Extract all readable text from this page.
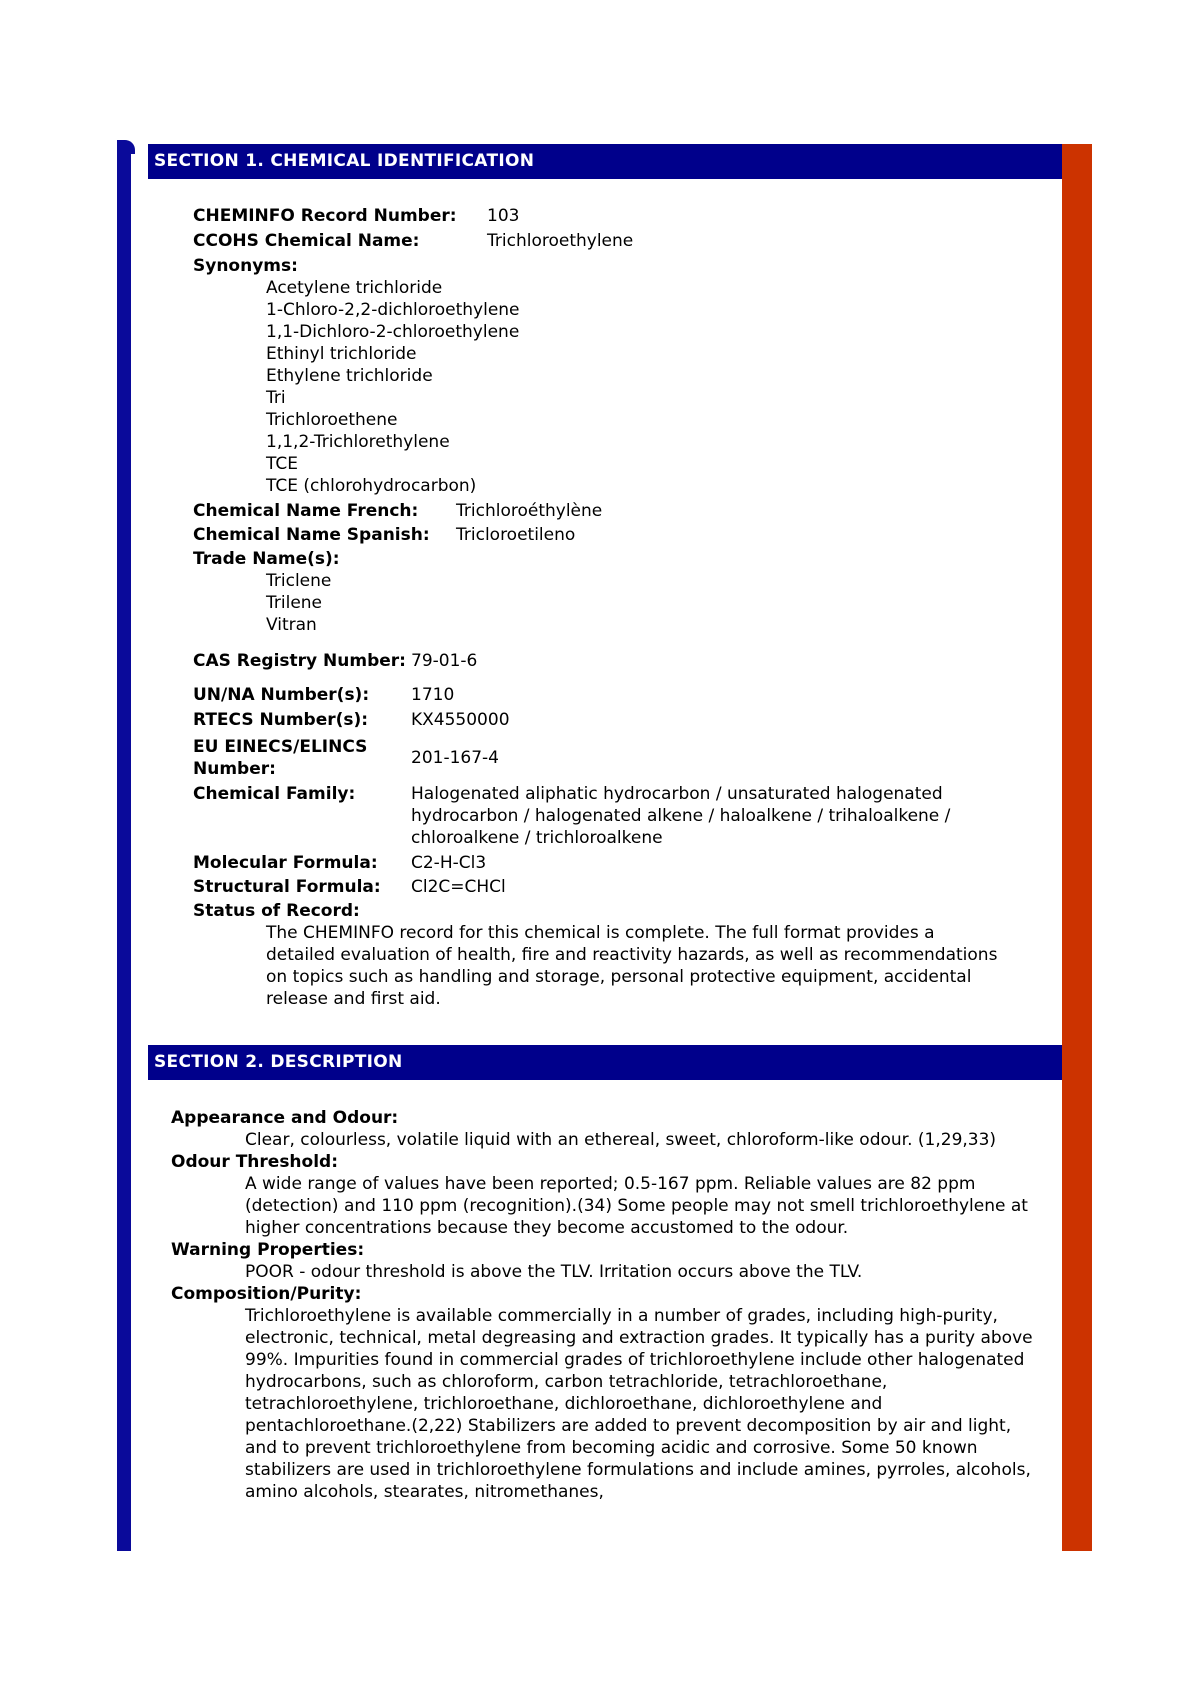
SECTION 1. CHEMICAL IDENTIFICATION
CHEMINFO Record Number:	103
CCOHS Chemical Name:	Trichloroethylene
Synonyms:
Acetylene trichloride
1-Chloro-2,2-dichloroethylene
1,1-Dichloro-2-chloroethylene
Ethinyl trichloride
Ethylene trichloride
Tri
Trichloroethene
1,1,2-Trichlorethylene
TCE
TCE (chlorohydrocarbon)
Chemical Name French:	Trichloroéthylène
Chemical Name Spanish:	Tricloroetileno
Trade Name(s):
Triclene
Trilene
Vitran
CAS Registry Number: 79-01-6
UN/NA Number(s):	1710
RTECS Number(s):	KX4550000
EU EINECS/ELINCS Number:
201-167-4
Chemical Family:	Halogenated aliphatic hydrocarbon / unsaturated halogenated hydrocarbon / halogenated alkene / haloalkene / trihaloalkene / chloroalkene / trichloroalkene
Molecular Formula:	C2-H-Cl3
Structural Formula:	Cl2C=CHCl
Status of Record:
The CHEMINFO record for this chemical is complete. The full format provides a detailed evaluation of health, fire and reactivity hazards, as well as recommendations on topics such as handling and storage, personal protective equipment, accidental release and first aid.
SECTION 2. DESCRIPTION
Appearance and Odour:
Clear, colourless, volatile liquid with an ethereal, sweet, chloroform-like odour. (1,29,33)
Odour Threshold:
A wide range of values have been reported; 0.5-167 ppm. Reliable values are 82 ppm (detection) and 110 ppm (recognition).(34) Some people may not smell trichloroethylene at higher concentrations because they become accustomed to the odour.
Warning Properties:
POOR - odour threshold is above the TLV. Irritation occurs above the TLV.
Composition/Purity:
Trichloroethylene is available commercially in a number of grades, including high-purity, electronic, technical, metal degreasing and extraction grades. It typically has a purity above 99%. Impurities found in commercial grades of trichloroethylene include other halogenated hydrocarbons, such as chloroform, carbon tetrachloride, tetrachloroethane, tetrachloroethylene, trichloroethane, dichloroethane, dichloroethylene and pentachloroethane.(2,22) Stabilizers are added to prevent decomposition by air and light, and to prevent trichloroethylene from becoming acidic and corrosive. Some 50 known stabilizers are used in trichloroethylene formulations and include amines, pyrroles, alcohols, amino alcohols, stearates, nitromethanes,
